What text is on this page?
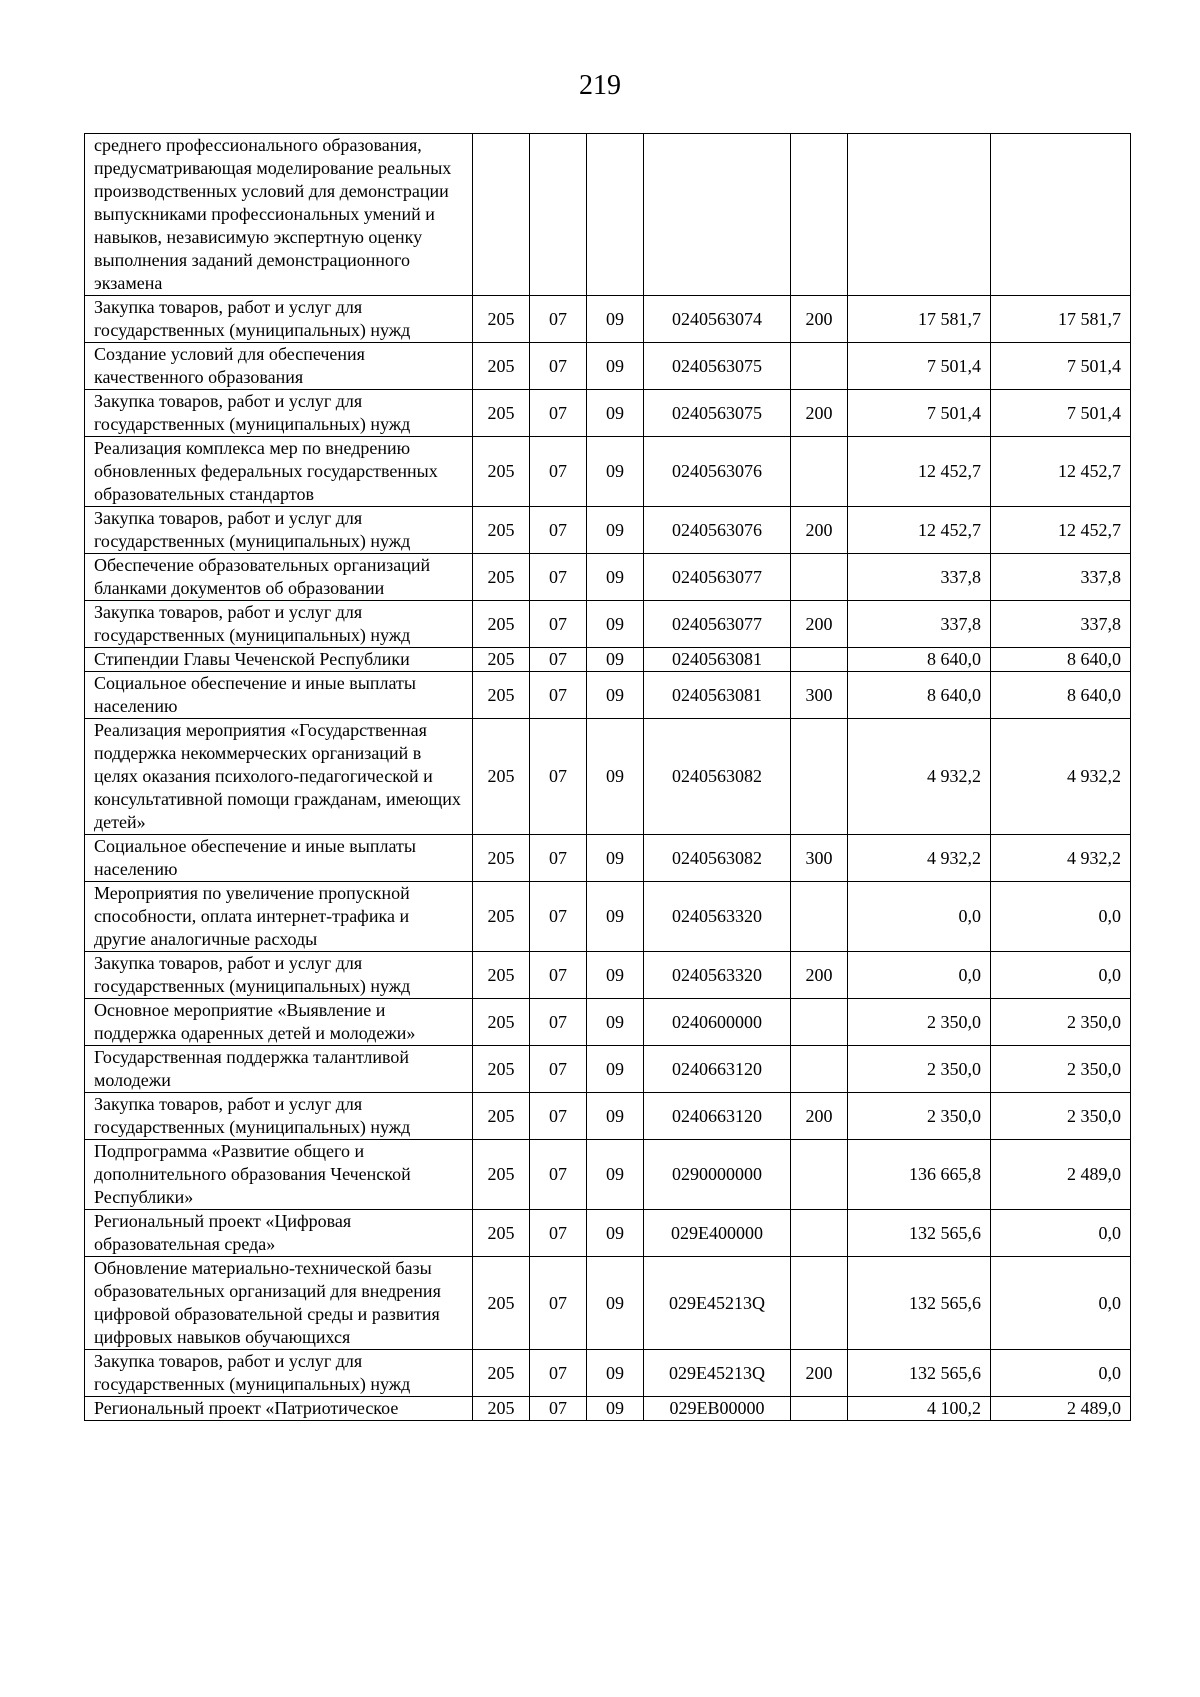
219
среднего профессионального образования, предусматривающая моделирование реальных производственных условий для демонстрации выпускниками профессиональных умений и навыков, независимую экспертную оценку выполнения заданий демонстрационного экзамена							
Закупка товаров, работ и услуг для государственных (муниципальных) нужд	205	07	09	0240563074	200	17 581,7	17 581,7
Создание условий для обеспечения качественного образования	205	07	09	0240563075		7 501,4	7 501,4
Закупка товаров, работ и услуг для государственных (муниципальных) нужд	205	07	09	0240563075	200	7 501,4	7 501,4
Реализация комплекса мер по внедрению обновленных федеральных государственных образовательных стандартов	205	07	09	0240563076		12 452,7	12 452,7
Закупка товаров, работ и услуг для государственных (муниципальных) нужд	205	07	09	0240563076	200	12 452,7	12 452,7
Обеспечение образовательных организаций бланками документов об образовании	205	07	09	0240563077		337,8	337,8
Закупка товаров, работ и услуг для государственных (муниципальных) нужд	205	07	09	0240563077	200	337,8	337,8
Стипендии Главы Чеченской Республики	205	07	09	0240563081		8 640,0	8 640,0
Социальное обеспечение и иные выплаты населению	205	07	09	0240563081	300	8 640,0	8 640,0
Реализация мероприятия «Государственная поддержка некоммерческих организаций в целях оказания психолого-педагогической и консультативной помощи гражданам, имеющих детей»	205	07	09	0240563082		4 932,2	4 932,2
Социальное обеспечение и иные выплаты населению	205	07	09	0240563082	300	4 932,2	4 932,2
Мероприятия по увеличение пропускной способности, оплата интернет-трафика и другие аналогичные расходы	205	07	09	0240563320		0,0	0,0
Закупка товаров, работ и услуг для государственных (муниципальных) нужд	205	07	09	0240563320	200	0,0	0,0
Основное мероприятие «Выявление и поддержка одаренных детей и молодежи»	205	07	09	0240600000		2 350,0	2 350,0
Государственная поддержка талантливой молодежи	205	07	09	0240663120		2 350,0	2 350,0
Закупка товаров, работ и услуг для государственных (муниципальных) нужд	205	07	09	0240663120	200	2 350,0	2 350,0
Подпрограмма «Развитие общего и дополнительного образования Чеченской Республики»	205	07	09	0290000000		136 665,8	2 489,0
Региональный проект «Цифровая образовательная среда»	205	07	09	029E400000		132 565,6	0,0
Обновление материально-технической базы образовательных организаций для внедрения цифровой образовательной среды и развития цифровых навыков обучающихся	205	07	09	029E45213Q		132 565,6	0,0
Закупка товаров, работ и услуг для государственных (муниципальных) нужд	205	07	09	029E45213Q	200	132 565,6	0,0
Региональный проект «Патриотическое	205	07	09	029EB00000		4 100,2	2 489,0
